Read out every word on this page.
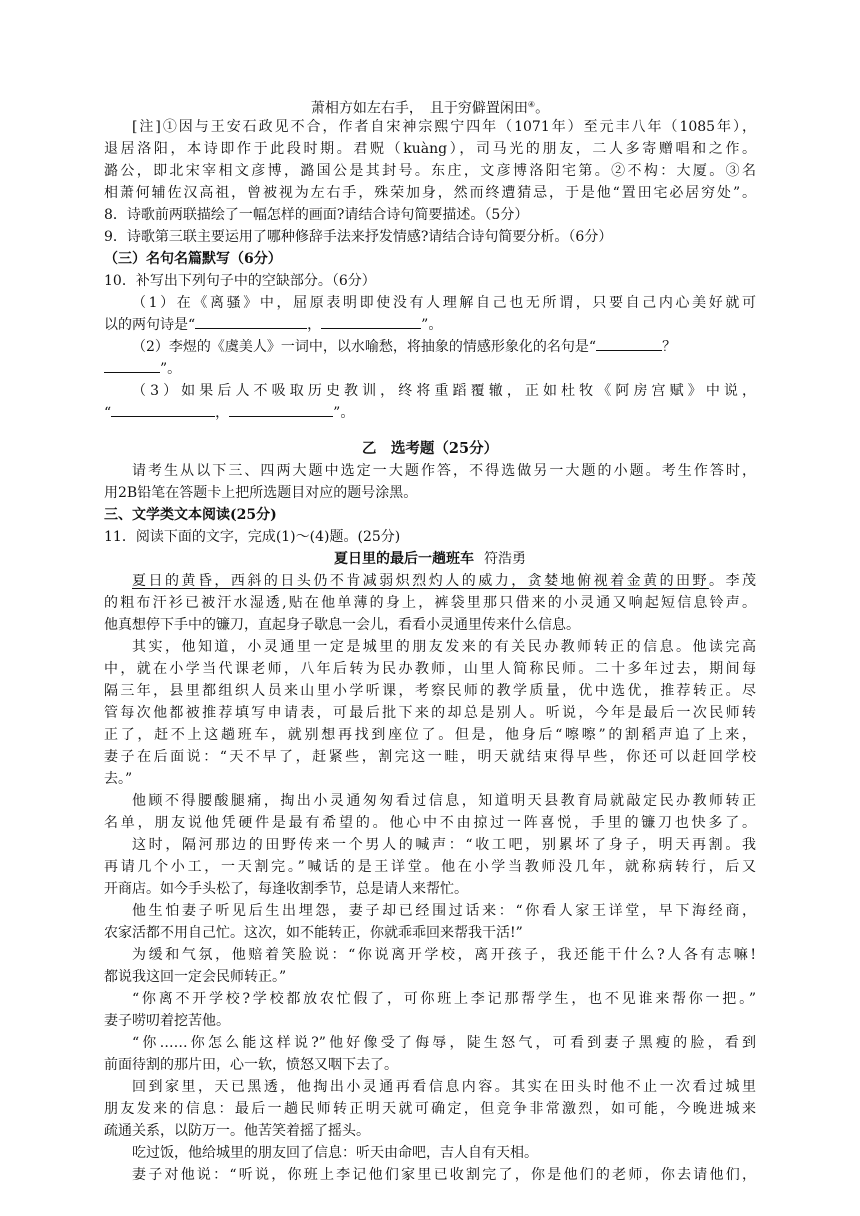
萧相方如左右手，　且于穷僻置闲田④。
[注]①因与王安石政见不合，作者自宋神宗熙宁四年（1071年）至元丰八年（1085年），
退居洛阳，本诗即作于此段时期。君贶（kuàng），司马光的朋友，二人多寄赠唱和之作。
潞公，即北宋宰相文彦博，潞国公是其封号。东庄，文彦博洛阳宅第。②不构：大厦。③名
相萧何辅佐汉高祖，曾被视为左右手，殊荣加身，然而终遭猜忌，于是他“置田宅必居穷处”。
8．诗歌前两联描绘了一幅怎样的画面?请结合诗句简要描述。（5分）
9．诗歌第三联主要运用了哪种修辞手法来抒发情感?请结合诗句简要分析。（6分）
（三）名句名篇默写（6分）
10．补写出下列句子中的空缺部分。（6分）
（1）在《离骚》中，屈原表明即使没有人理解自己也无所谓，只要自己内心美好就可
以的两句诗是“	，	”。
（2）李煜的《虞美人》一词中，以水喻愁，将抽象的情感形象化的名句是“	？
”。
（3）如果后人不吸取历史教训，终将重蹈覆辙，正如杜牧《阿房宫赋》中说，
“	，	”。
乙　选考题（25分）
请考生从以下三、四两大题中选定一大题作答，不得选做另一大题的小题。考生作答时，
用2B铅笔在答题卡上把所选题目对应的题号涂黑。
三、文学类文本阅读(25分)
11．阅读下面的文字，完成(1)～(4)题。(25分)
夏日里的最后一趟班车 符浩勇
夏日的黄昏，西斜的日头仍不肯减弱炽烈灼人的威力，贪婪地俯视着金黄的田野。李茂
的粗布汗衫已被汗水湿透,贴在他单薄的身上，裤袋里那只借来的小灵通又响起短信息铃声。
他真想停下手中的镰刀，直起身子歇息一会儿，看看小灵通里传来什么信息。
其实，他知道，小灵通里一定是城里的朋友发来的有关民办教师转正的信息。他读完高
中，就在小学当代课老师，八年后转为民办教师，山里人简称民师。二十多年过去，期间每
隔三年，县里都组织人员来山里小学听课，考察民师的教学质量，优中选优，推荐转正。尽
管每次他都被推荐填写申请表，可最后批下来的却总是别人。听说，今年是最后一次民师转
正了，赶不上这趟班车，就别想再找到座位了。但是，他身后“嚓嚓”的割稻声追了上来，
妻子在后面说：“天不早了，赶紧些，割完这一畦，明天就结束得早些，你还可以赶回学校
去。”
他顾不得腰酸腿痛，掏出小灵通匆匆看过信息，知道明天县教育局就敲定民办教师转正
名单，朋友说他凭硬件是最有希望的。他心中不由掠过一阵喜悦，手里的镰刀也快多了。
这时，隔河那边的田野传来一个男人的喊声：“收工吧，别累坏了身子，明天再割。我
再请几个小工，一天割完。”喊话的是王详堂。他在小学当教师没几年，就称病转行，后又
开商店。如今手头松了，每逢收割季节，总是请人来帮忙。
他生怕妻子听见后生出埋怨，妻子却已经围过话来：“你看人家王详堂，早下海经商，
农家活都不用自己忙。这次，如不能转正，你就乖乖回来帮我干活!”
为缓和气氛，他赔着笑脸说：“你说离开学校，离开孩子，我还能干什么?人各有志嘛!
都说我这回一定会民师转正。”
“你离不开学校?学校都放农忙假了，可你班上李记那帮学生，也不见谁来帮你一把。”
妻子唠叨着挖苦他。
“你……你怎么能这样说?”他好像受了侮辱，陡生怒气，可看到妻子黑瘦的脸，看到
前面待割的那片田，心一软，愤怒又咽下去了。
回到家里，天已黑透，他掏出小灵通再看信息内容。其实在田头时他不止一次看过城里
朋友发来的信息：最后一趟民师转正明天就可确定，但竞争非常激烈，如可能，今晚进城来
疏通关系，以防万一。他苦笑着摇了摇头。
吃过饭，他给城里的朋友回了信息：听天由命吧，吉人自有天相。
妻子对他说：“听说，你班上李记他们家里已收割完了，你是他们的老师，你去请他们，
